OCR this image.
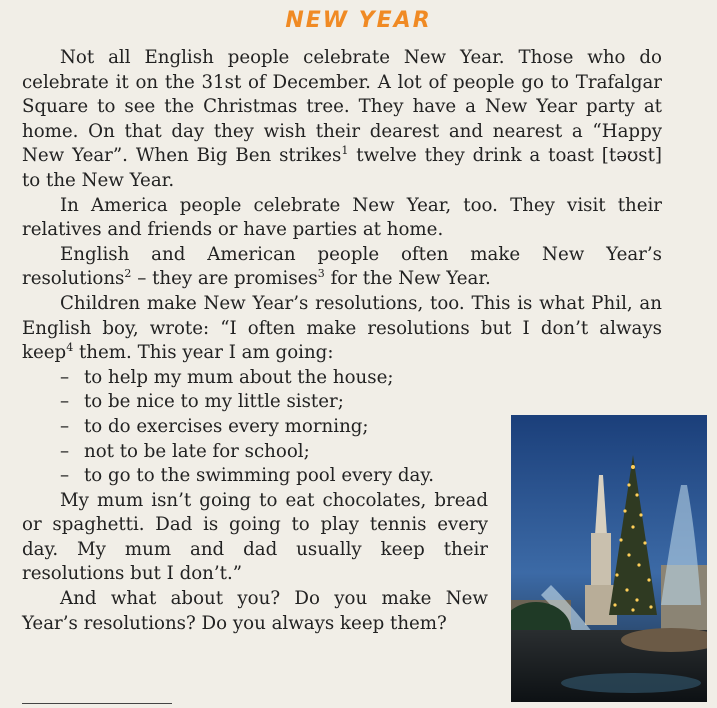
NEW YEAR

Not all English people celebrate New Year. Those who do celebrate it on the 31st of December. A lot of people go to Trafalgar Square to see the Christmas tree. They have a New Year party at home. On that day they wish their dearest and nearest a “Happy New Year”. When Big Ben strikes$^1$ twelve they drink a toast [təʊst] to the New Year.

In America people celebrate New Year, too. They visit their relatives and friends or have parties at home.

English and American people often make New Year’s resolutions$^2$ – they are promises$^3$ for the New Year.

Children make New Year’s resolutions, too. This is what Phil, an English boy, wrote: “I often make resolutions but I don’t always keep$^4$ them. This year I am going:

– to help my mum about the house;
– to be nice to my little sister;
– to do exercises every morning;
– not to be late for school;
– to go to the swimming pool every day.

My mum isn’t going to eat chocolates, bread or spaghetti. Dad is going to play tennis every day. My mum and dad usually keep their resolutions but I don’t.”

And what about you? Do you make New Year’s resolutions? Do you always keep them?
